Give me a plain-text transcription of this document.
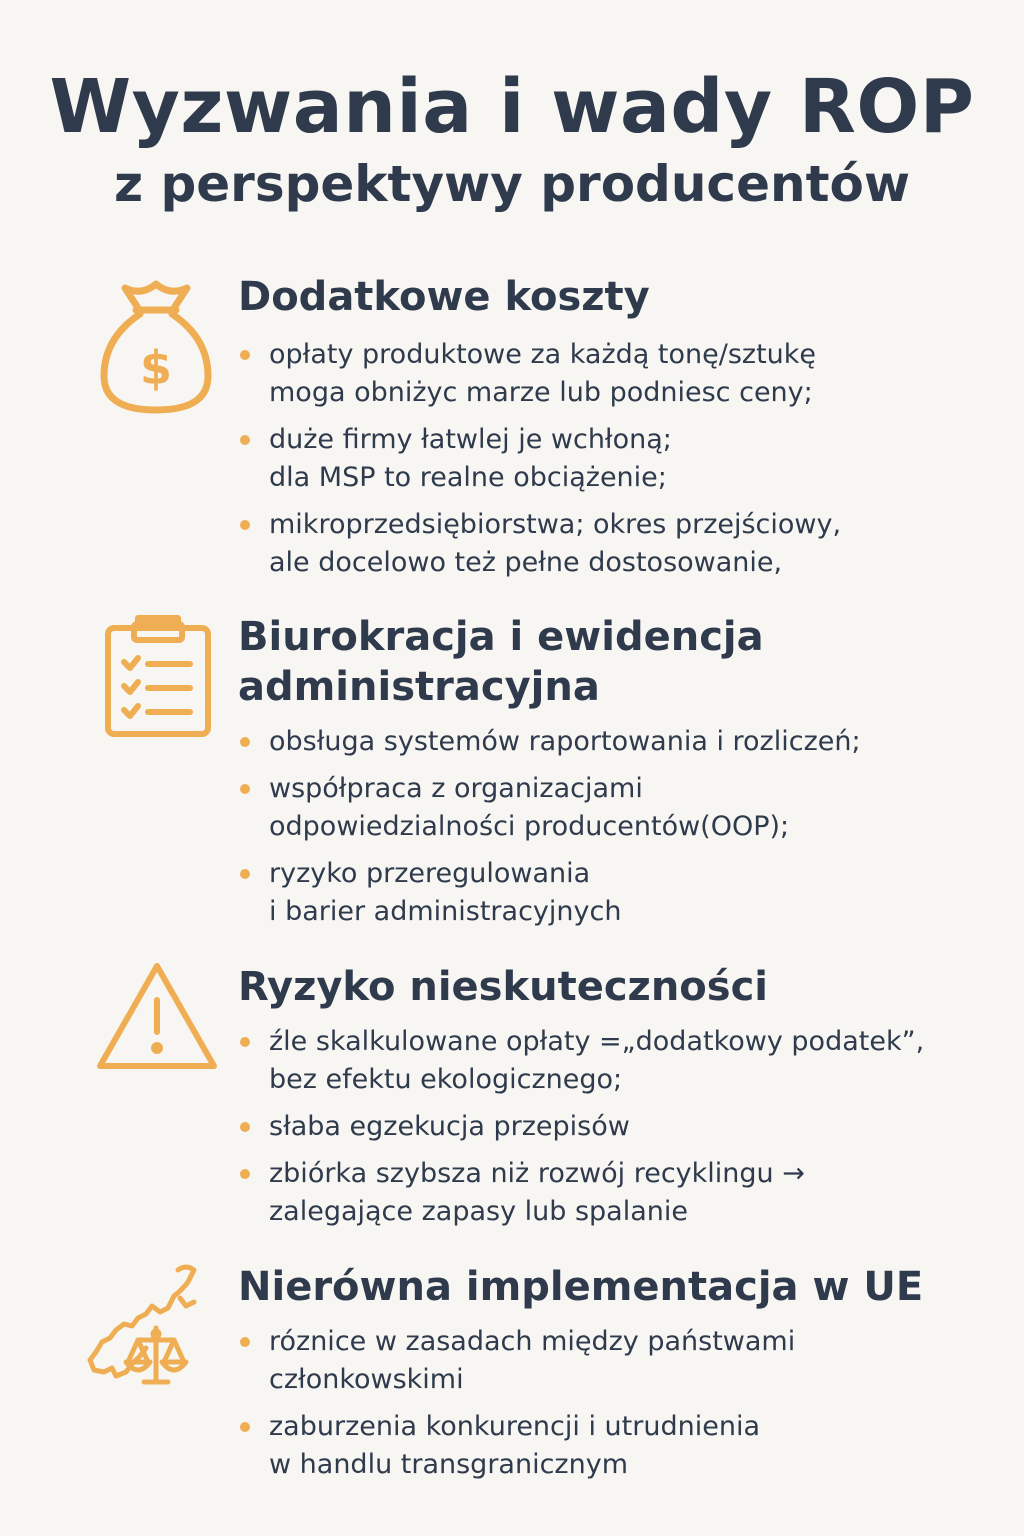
Wyzwania i wady ROP
z perspektywy producentów
$
Dodatkowe koszty
opłaty produktowe za każdą tonę/sztukę
moga obniżyc marze lub podniesc ceny;
duże firmy łatwlej je wchłoną;
dla MSP to realne obciążenie;
mikroprzedsiębiorstwa; okres przejściowy,
ale docelowo też pełne dostosowanie,
Biurokracja i ewidencja
administracyjna
obsługa systemów raportowania i rozliczeń;
współpraca z organizacjami
odpowiedzialności producentów(OOP);
ryzyko przeregulowania
i barier administracyjnych
Ryzyko nieskuteczności
źle skalkulowane opłaty =„dodatkowy podatek”,
bez efektu ekologicznego;
słaba egzekucja przepisów
zbiórka szybsza niż rozwój recyklingu →
zalegające zapasy lub spalanie
Nierówna implementacja w UE
róznice w zasadach między państwami
członkowskimi
zaburzenia konkurencji i utrudnienia
w handlu transgranicznym
